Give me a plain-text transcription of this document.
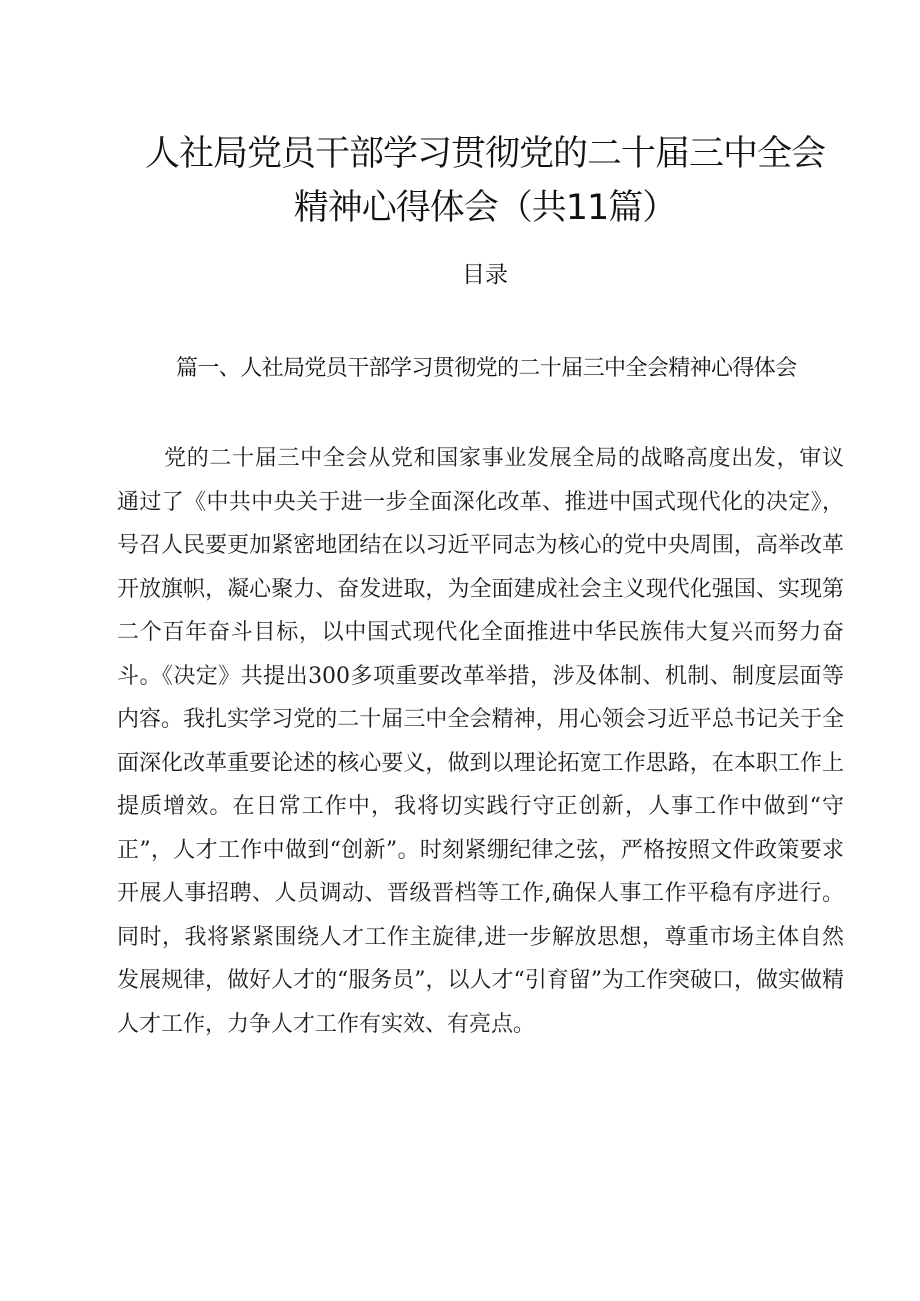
人社局党员干部学习贯彻党的二十届三中全会
精神心得体会（共11篇）
目录
篇一、人社局党员干部学习贯彻党的二十届三中全会精神心得体会

党的二十届三中全会从党和国家事业发展全局的战略高度出发，审议通过了《中共中央关于进一步全面深化改革、推进中国式现代化的决定》，号召人民要更加紧密地团结在以习近平同志为核心的党中央周围，高举改革开放旗帜，凝心聚力、奋发进取，为全面建成社会主义现代化强国、实现第二个百年奋斗目标，以中国式现代化全面推进中华民族伟大复兴而努力奋斗。《决定》共提出300多项重要改革举措，涉及体制、机制、制度层面等内容。我扎实学习党的二十届三中全会精神，用心领会习近平总书记关于全面深化改革重要论述的核心要义，做到以理论拓宽工作思路，在本职工作上提质增效。在日常工作中，我将切实践行守正创新，人事工作中做到“守正”，人才工作中做到“创新”。时刻紧绷纪律之弦，严格按照文件政策要求开展人事招聘、人员调动、晋级晋档等工作,确保人事工作平稳有序进行。同时，我将紧紧围绕人才工作主旋律,进一步解放思想，尊重市场主体自然发展规律，做好人才的“服务员”，以人才“引育留”为工作突破口，做实做精人才工作，力争人才工作有实效、有亮点。
